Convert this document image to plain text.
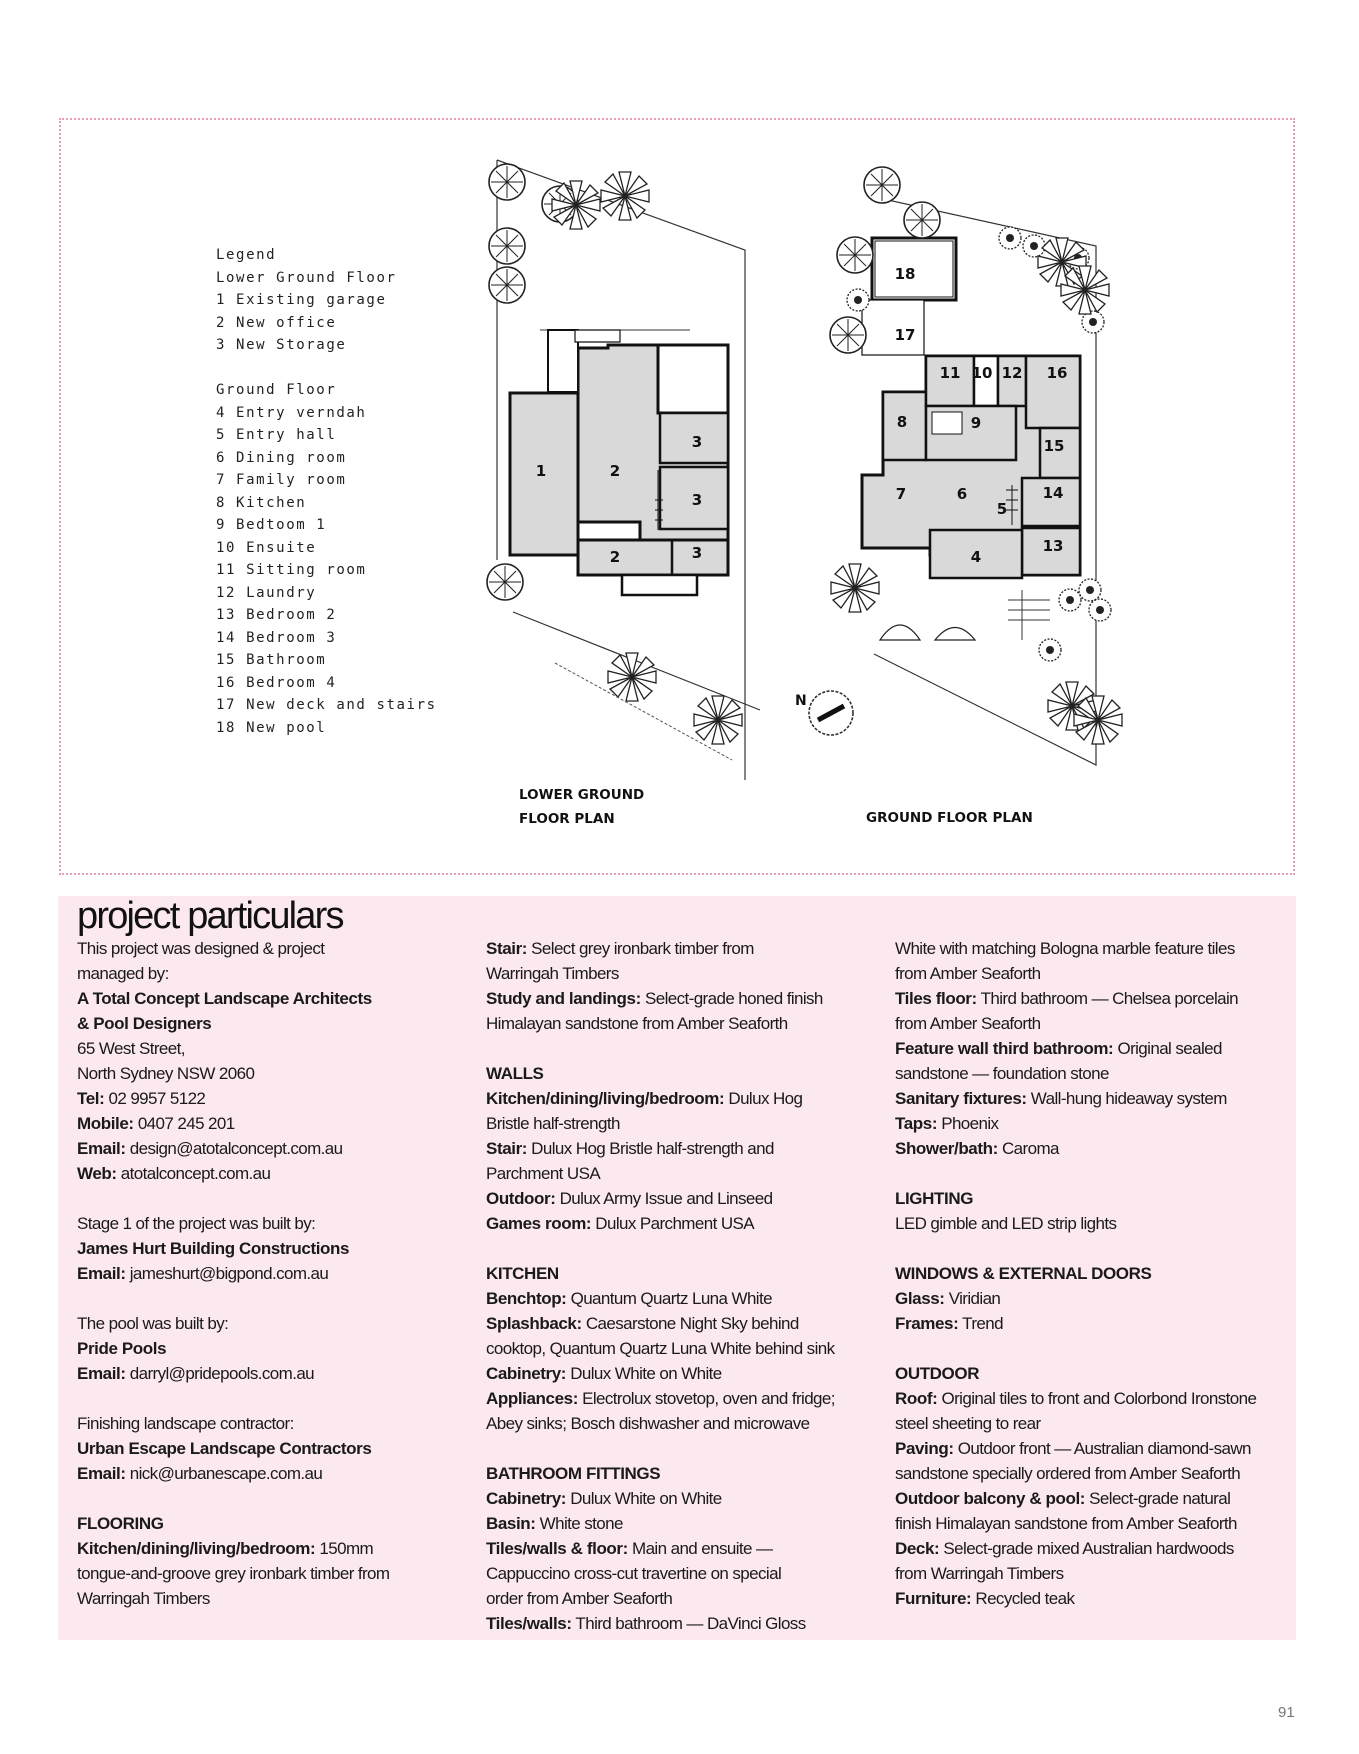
Legend
Lower Ground Floor
1 Existing garage
2 New office
3 New Storage
Ground Floor
4 Entry verndah
5 Entry hall
6 Dining room
7 Family room
8 Kitchen
9 Bedtoom 1
10 Ensuite
11 Sitting room
12 Laundry
13 Bedroom 2
14 Bedroom 3
15 Bathroom
16 Bedroom 4
17 New deck and stairs
18 New pool
1	2
3
3
2	3
N
18
17
11 10 12 16
8	9
15
7	6
5
14
4
13
LOWER GROUND
FLOOR PLAN	GROUND FLOOR PLAN

project particulars

This project was designed & project

managed by:

A Total Concept Landscape Architects

& Pool Designers

65 West Street,

North Sydney NSW 2060

Tel: 02 9957 5122

Mobile: 0407 245 201

Email: design@atotalconcept.com.au

Web: atotalconcept.com.au

Stage 1 of the project was built by:

James Hurt Building Constructions

Email: jameshurt@bigpond.com.au

The pool was built by:

Pride Pools

Email: darryl@pridepools.com.au

Finishing landscape contractor:

Urban Escape Landscape Contractors

Email: nick@urbanescape.com.au

FLOORING

Kitchen/dining/living/bedroom: 150mm

tongue-and-groove grey ironbark timber from

Warringah Timbers

Stair: Select grey ironbark timber from

Warringah Timbers

Study and landings: Select-grade honed finish

Himalayan sandstone from Amber Seaforth

WALLS

Kitchen/dining/living/bedroom: Dulux Hog

Bristle half-strength

Stair: Dulux Hog Bristle half-strength and

Parchment USA

Outdoor: Dulux Army Issue and Linseed

Games room: Dulux Parchment USA

KITCHEN

Benchtop: Quantum Quartz Luna White

Splashback: Caesarstone Night Sky behind

cooktop, Quantum Quartz Luna White behind sink

Cabinetry: Dulux White on White

Appliances: Electrolux stovetop, oven and fridge;

Abey sinks; Bosch dishwasher and microwave

BATHROOM FITTINGS

Cabinetry: Dulux White on White

Basin: White stone

Tiles/walls & floor: Main and ensuite —

Cappuccino cross-cut travertine on special

order from Amber Seaforth

Tiles/walls: Third bathroom — DaVinci Gloss

White with matching Bologna marble feature tiles

from Amber Seaforth

Tiles floor: Third bathroom — Chelsea porcelain

from Amber Seaforth

Feature wall third bathroom: Original sealed

sandstone — foundation stone

Sanitary fixtures: Wall-hung hideaway system

Taps: Phoenix

Shower/bath: Caroma

LIGHTING

LED gimble and LED strip lights

WINDOWS & EXTERNAL DOORS

Glass: Viridian

Frames: Trend

OUTDOOR

Roof: Original tiles to front and Colorbond Ironstone

steel sheeting to rear

Paving: Outdoor front — Australian diamond-sawn

sandstone specially ordered from Amber Seaforth

Outdoor balcony & pool: Select-grade natural

finish Himalayan sandstone from Amber Seaforth

Deck: Select-grade mixed Australian hardwoods

from Warringah Timbers

Furniture: Recycled teak

91
